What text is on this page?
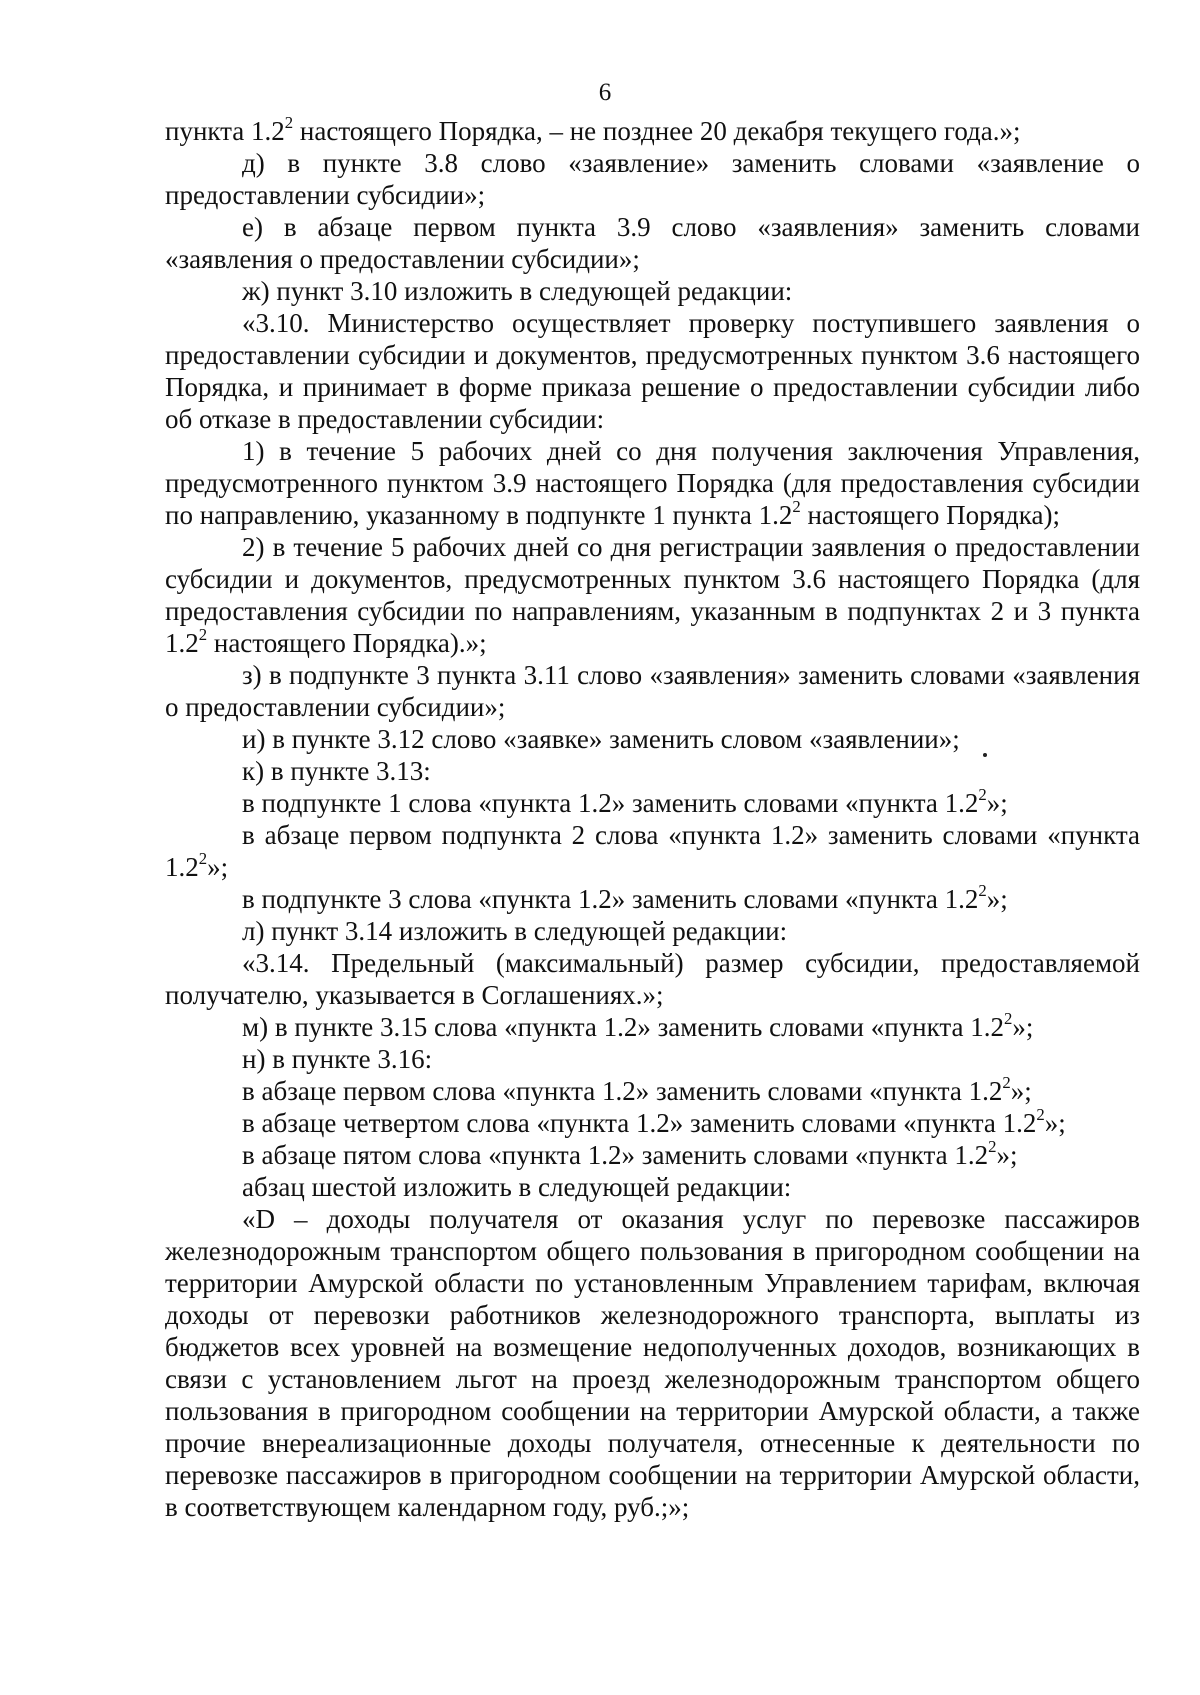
6

пункта $1.2^2$ настоящего Порядка, – не позднее 20 декабря текущего года.»;

д) в пункте 3.8 слово «заявление» заменить словами «заявление о предоставлении субсидии»;

е) в абзаце первом пункта 3.9 слово «заявления» заменить словами «заявления о предоставлении субсидии»;

ж) пункт 3.10 изложить в следующей редакции:

«3.10. Министерство осуществляет проверку поступившего заявления о предоставлении субсидии и документов, предусмотренных пунктом 3.6 настоящего Порядка, и принимает в форме приказа решение о предоставлении субсидии либо об отказе в предоставлении субсидии:

1) в течение 5 рабочих дней со дня получения заключения Управления, предусмотренного пунктом 3.9 настоящего Порядка (для предоставления субсидии по направлению, указанному в подпункте 1 пункта $1.2^2$ настоящего Порядка);

2) в течение 5 рабочих дней со дня регистрации заявления о предоставлении субсидии и документов, предусмотренных пунктом 3.6 настоящего Порядка (для предоставления субсидии по направлениям, указанным в подпунктах 2 и 3 пункта $1.2^2$ настоящего Порядка).»;

з) в подпункте 3 пункта 3.11 слово «заявления» заменить словами «заявления о предоставлении субсидии»;

и) в пункте 3.12 слово «заявке» заменить словом «заявлении»;

к) в пункте 3.13:

в подпункте 1 слова «пункта 1.2» заменить словами «пункта $1.2^2$»;

в абзаце первом подпункта 2 слова «пункта 1.2» заменить словами «пункта $1.2^2$»;

в подпункте 3 слова «пункта 1.2» заменить словами «пункта $1.2^2$»;

л) пункт 3.14 изложить в следующей редакции:

«3.14. Предельный (максимальный) размер субсидии, предоставляемой получателю, указывается в Соглашениях.»;

м) в пункте 3.15 слова «пункта 1.2» заменить словами «пункта $1.2^2$»;

н) в пункте 3.16:

в абзаце первом слова «пункта 1.2» заменить словами «пункта $1.2^2$»;

в абзаце четвертом слова «пункта 1.2» заменить словами «пункта $1.2^2$»;

в абзаце пятом слова «пункта 1.2» заменить словами «пункта $1.2^2$»;

абзац шестой изложить в следующей редакции:

«D – доходы получателя от оказания услуг по перевозке пассажиров железнодорожным транспортом общего пользования в пригородном сообщении на территории Амурской области по установленным Управлением тарифам, включая доходы от перевозки работников железнодорожного транспорта, выплаты из бюджетов всех уровней на возмещение недополученных доходов, возникающих в связи с установлением льгот на проезд железнодорожным транспортом общего пользования в пригородном сообщении на территории Амурской области, а также прочие внереализационные доходы получателя, отнесенные к деятельности по перевозке пассажиров в пригородном сообщении на территории Амурской области, в соответствующем календарном году, руб.;»;
